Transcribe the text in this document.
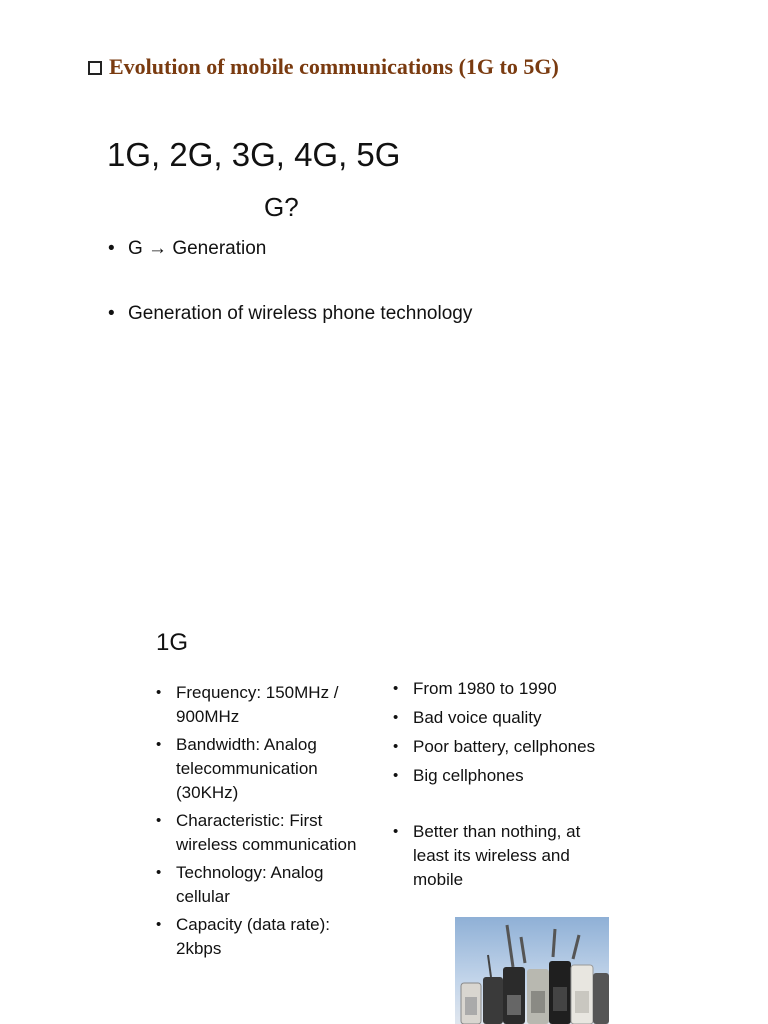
Evolution of mobile communications (1G to 5G)
1G, 2G, 3G, 4G, 5G
G?
• G → Generation
• Generation of wireless phone technology
1G
• Frequency: 150MHz / 900MHz
• Bandwidth: Analog telecommunication (30KHz)
• Characteristic: First wireless communication
• Technology: Analog cellular
• Capacity (data rate): 2kbps
• From 1980 to 1990
• Bad voice quality
• Poor battery, cellphones
• Big cellphones
• Better than nothing, at least its wireless and mobile
